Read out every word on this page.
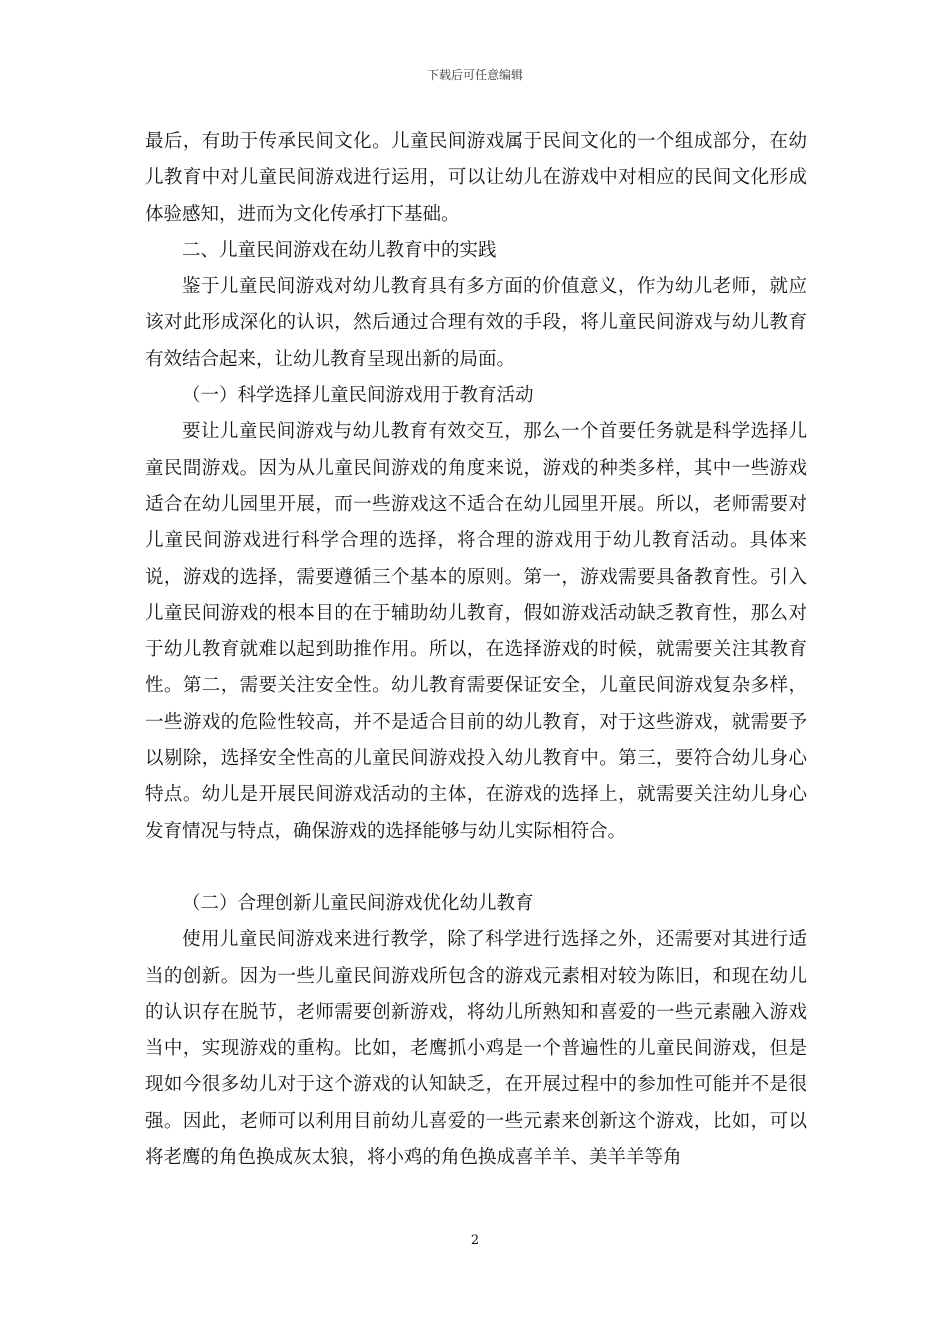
下载后可任意编辑

最后，有助于传承民间文化。儿童民间游戏属于民间文化的一个组成部分，在幼儿教育中对儿童民间游戏进行运用，可以让幼儿在游戏中对相应的民间文化形成体验感知，进而为文化传承打下基础。

二、儿童民间游戏在幼儿教育中的实践

鉴于儿童民间游戏对幼儿教育具有多方面的价值意义，作为幼儿老师，就应该对此形成深化的认识，然后通过合理有效的手段，将儿童民间游戏与幼儿教育有效结合起来，让幼儿教育呈现出新的局面。

（一）科学选择儿童民间游戏用于教育活动

要让儿童民间游戏与幼儿教育有效交互，那么一个首要任务就是科学选择儿童民間游戏。因为从儿童民间游戏的角度来说，游戏的种类多样，其中一些游戏适合在幼儿园里开展，而一些游戏这不适合在幼儿园里开展。所以，老师需要对儿童民间游戏进行科学合理的选择，将合理的游戏用于幼儿教育活动。具体来说，游戏的选择，需要遵循三个基本的原则。第一，游戏需要具备教育性。引入儿童民间游戏的根本目的在于辅助幼儿教育，假如游戏活动缺乏教育性，那么对于幼儿教育就难以起到助推作用。所以，在选择游戏的时候，就需要关注其教育性。第二，需要关注安全性。幼儿教育需要保证安全，儿童民间游戏复杂多样，一些游戏的危险性较高，并不是适合目前的幼儿教育，对于这些游戏，就需要予以剔除，选择安全性高的儿童民间游戏投入幼儿教育中。第三，要符合幼儿身心特点。幼儿是开展民间游戏活动的主体，在游戏的选择上，就需要关注幼儿身心发育情况与特点，确保游戏的选择能够与幼儿实际相符合。

（二）合理创新儿童民间游戏优化幼儿教育

使用儿童民间游戏来进行教学，除了科学进行选择之外，还需要对其进行适当的创新。因为一些儿童民间游戏所包含的游戏元素相对较为陈旧，和现在幼儿的认识存在脱节，老师需要创新游戏，将幼儿所熟知和喜爱的一些元素融入游戏当中，实现游戏的重构。比如，老鹰抓小鸡是一个普遍性的儿童民间游戏，但是现如今很多幼儿对于这个游戏的认知缺乏，在开展过程中的参加性可能并不是很强。因此，老师可以利用目前幼儿喜爱的一些元素来创新这个游戏，比如，可以将老鹰的角色换成灰太狼，将小鸡的角色换成喜羊羊、美羊羊等角

2
